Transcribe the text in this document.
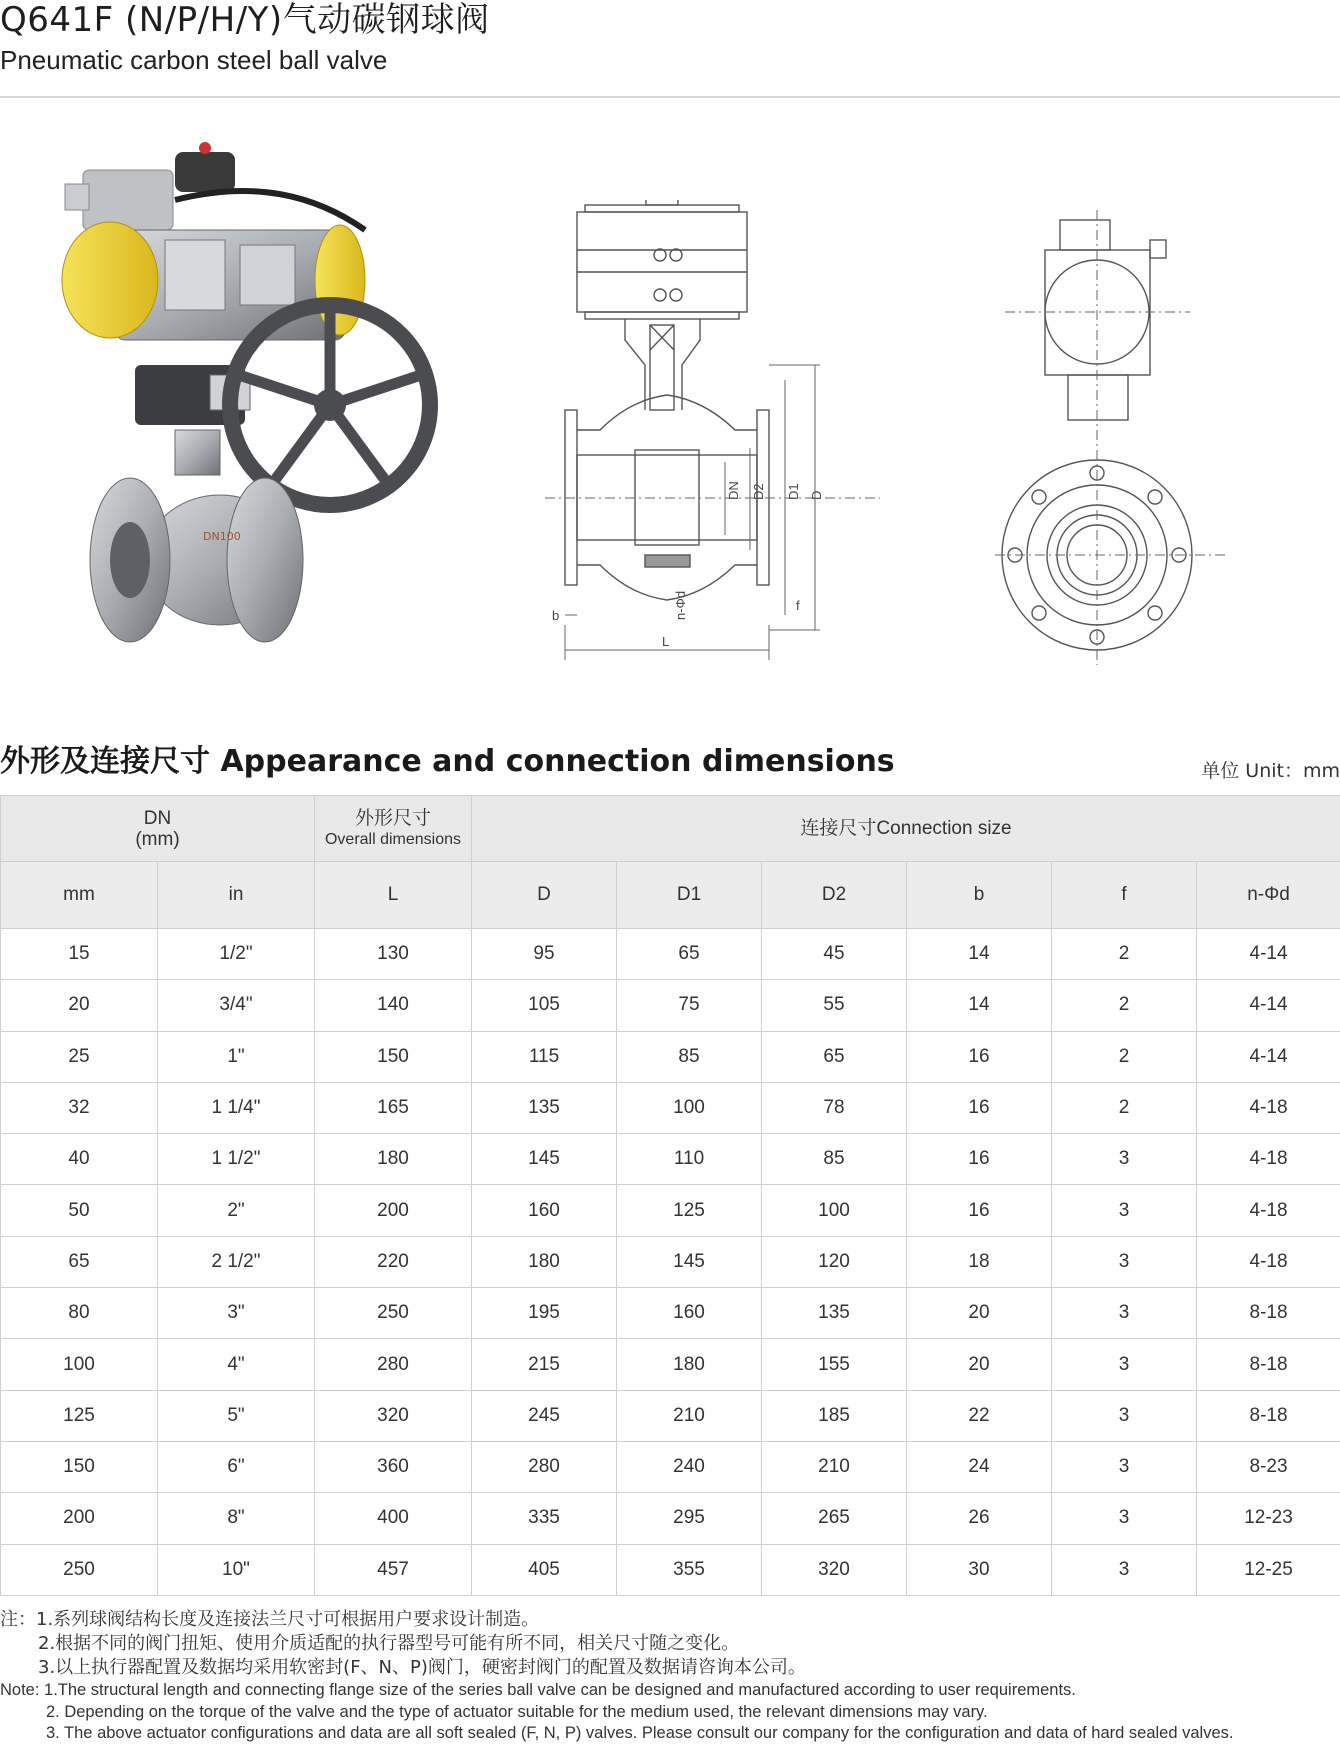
Q641F (N/P/H/Y)气动碳钢球阀
Pneumatic carbon steel ball valve
DN100
DN D2 D1 D
b
L
n-Φd	f
外形及连接尺寸 Appearance and connection dimensions	单位 Unit：mm
DN
(mm)		外形尺寸
Overall dimensions	连接尺寸Connection size					
mm	in	L	D	D1	D2	b	f	n-Φd
15	1/2"	130	95	65	45	14	2	4-14
20	3/4"	140	105	75	55	14	2	4-14
25	1"	150	115	85	65	16	2	4-14
32	1 1/4"	165	135	100	78	16	2	4-18
40	1 1/2"	180	145	110	85	16	3	4-18
50	2"	200	160	125	100	16	3	4-18
65	2 1/2"	220	180	145	120	18	3	4-18
80	3"	250	195	160	135	20	3	8-18
100	4"	280	215	180	155	20	3	8-18
125	5"	320	245	210	185	22	3	8-18
150	6"	360	280	240	210	24	3	8-23
200	8"	400	335	295	265	26	3	12-23
250	10"	457	405	355	320	30	3	12-25
注：1.系列球阀结构长度及连接法兰尺寸可根据用户要求设计制造。
2.根据不同的阀门扭矩、使用介质适配的执行器型号可能有所不同，相关尺寸随之变化。
3.以上执行器配置及数据均采用软密封(F、N、P)阀门，硬密封阀门的配置及数据请咨询本公司。
Note: 1.The structural length and connecting flange size of the series ball valve can be designed and manufactured according to user requirements.
2. Depending on the torque of the valve and the type of actuator suitable for the medium used, the relevant dimensions may vary.
3. The above actuator configurations and data are all soft sealed (F, N, P) valves. Please consult our company for the configuration and data of hard sealed valves.
